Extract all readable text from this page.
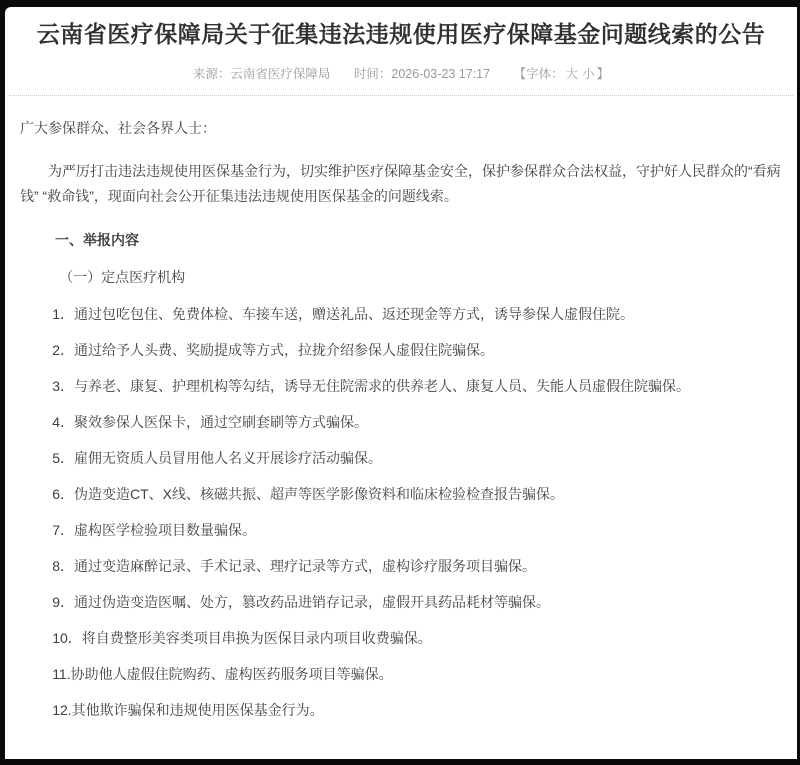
云南省医疗保障局关于征集违法违规使用医疗保障基金问题线索的公告
来源：云南省医疗保障局 时间：2026-03-23 17:17 【字体： 大 小 】
广大参保群众、社会各界人士：
为严厉打击违法违规使用医保基金行为，切实维护医疗保障基金安全，保护参保群众合法权益，守护好人民群众的“看病钱” “救命钱”，现面向社会公开征集违法违规使用医保基金的问题线索。
一、举报内容
（一）定点医疗机构
1．通过包吃包住、免费体检、车接车送，赠送礼品、返还现金等方式，诱导参保人虚假住院。
2．通过给予人头费、奖励提成等方式，拉拢介绍参保人虚假住院骗保。
3．与养老、康复、护理机构等勾结，诱导无住院需求的供养老人、康复人员、失能人员虚假住院骗保。
4．聚效参保人医保卡，通过空刷套刷等方式骗保。
5．雇佣无资质人员冒用他人名义开展诊疗活动骗保。
6．伪造变造CT、X线、核磁共振、超声等医学影像资料和临床检验检查报告骗保。
7．虚构医学检验项目数量骗保。
8．通过变造麻醉记录、手术记录、理疗记录等方式，虚构诊疗服务项目骗保。
9．通过伪造变造医嘱、处方，篡改药品进销存记录，虚假开具药品耗材等骗保。
10．将自费整形美容类项目串换为医保目录内项目收费骗保。
11.协助他人虚假住院购药、虚构医药服务项目等骗保。
12.其他欺诈骗保和违规使用医保基金行为。
